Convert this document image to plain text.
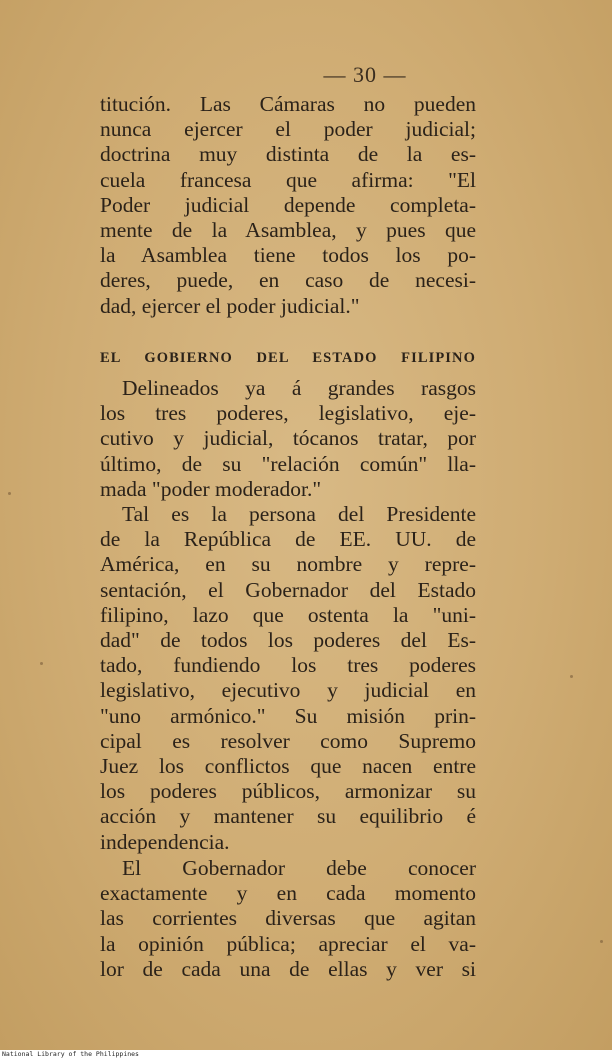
— 30 —
titución. Las Cámaras no pueden
nunca ejercer el poder judicial;
doctrina muy distinta de la es-
cuela francesa que afirma: "El
Poder judicial depende completa-
mente de la Asamblea, y pues que
la Asamblea tiene todos los po-
deres, puede, en caso de necesi-
dad, ejercer el poder judicial."
EL GOBIERNO DEL ESTADO FILIPINO
Delineados ya á grandes rasgos
los tres poderes, legislativo, eje-
cutivo y judicial, tócanos tratar, por
último, de su "relación común" lla-
mada "poder moderador."
Tal es la persona del Presidente
de la República de EE. UU. de
América, en su nombre y repre-
sentación, el Gobernador del Estado
filipino, lazo que ostenta la "uni-
dad" de todos los poderes del Es-
tado, fundiendo los tres poderes
legislativo, ejecutivo y judicial en
"uno armónico." Su misión prin-
cipal es resolver como Supremo
Juez los conflictos que nacen entre
los poderes públicos, armonizar su
acción y mantener su equilibrio é
independencia.
El Gobernador debe conocer
exactamente y en cada momento
las corrientes diversas que agitan
la opinión pública; apreciar el va-
lor de cada una de ellas y ver si
National Library of the Philippines
